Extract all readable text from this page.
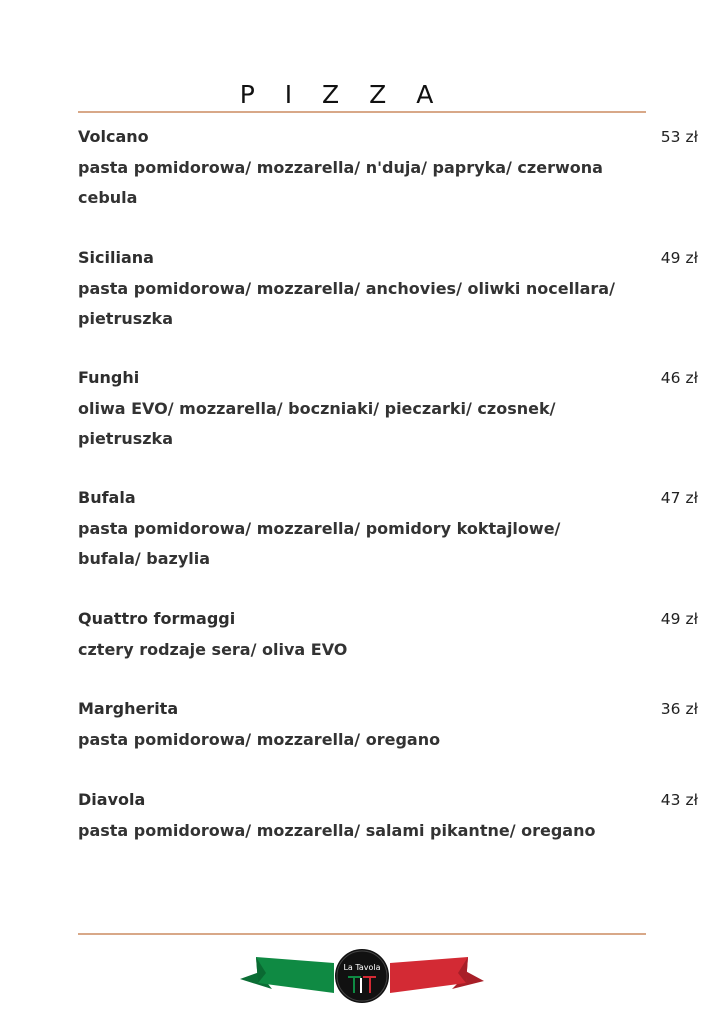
P I Z Z A
Volcano
pasta pomidorowa/ mozzarella/ n'duja/ papryka/ czerwona cebula
53 zł
Siciliana
pasta pomidorowa/ mozzarella/ anchovies/ oliwki nocellara/ pietruszka
49 zł
Funghi
oliwa EVO/ mozzarella/ boczniaki/ pieczarki/ czosnek/ pietruszka
46 zł
Bufala
pasta pomidorowa/ mozzarella/ pomidory koktajlowe/ bufala/ bazylia
47 zł
Quattro formaggi
cztery rodzaje sera/ oliva EVO
49 zł
Margherita
pasta pomidorowa/ mozzarella/ oregano
36 zł
Diavola
pasta pomidorowa/ mozzarella/ salami pikantne/ oregano
43 zł
La Tavola
